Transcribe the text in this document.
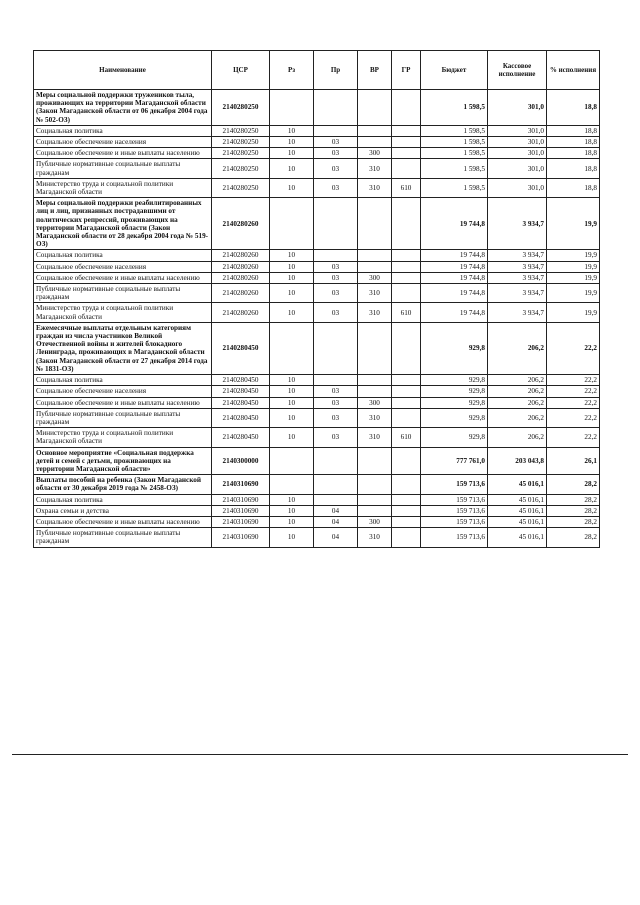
Наименование	ЦСР	Рз	Пр	ВР	ГР	Бюджет	Кассовое исполнение	% исполнения
Меры социальной поддержки тружеников тыла, проживающих на территории Магаданской области (Закон Магаданской области от 06 декабря 2004 года № 502-ОЗ)	2140280250					1 598,5	301,0	18,8
Социальная политика	2140280250	10				1 598,5	301,0	18,8
Социальное обеспечение населения	2140280250	10	03			1 598,5	301,0	18,8
Социальное обеспечение и иные выплаты населению	2140280250	10	03	300		1 598,5	301,0	18,8
Публичные нормативные социальные выплаты гражданам	2140280250	10	03	310		1 598,5	301,0	18,8
Министерство труда и социальной политики Магаданской области	2140280250	10	03	310	610	1 598,5	301,0	18,8
Меры социальной поддержки реабилитированных лиц и лиц, признанных пострадавшими от политических репрессий, проживающих на территории Магаданской области (Закон Магаданской области от 28 декабря 2004 года № 519-ОЗ)	2140280260					19 744,8	3 934,7	19,9
Социальная политика	2140280260	10				19 744,8	3 934,7	19,9
Социальное обеспечение населения	2140280260	10	03			19 744,8	3 934,7	19,9
Социальное обеспечение и иные выплаты населению	2140280260	10	03	300		19 744,8	3 934,7	19,9
Публичные нормативные социальные выплаты гражданам	2140280260	10	03	310		19 744,8	3 934,7	19,9
Министерство труда и социальной политики Магаданской области	2140280260	10	03	310	610	19 744,8	3 934,7	19,9
Ежемесячные выплаты отдельным категориям граждан из числа участников Великой Отечественной войны и жителей блокадного Ленинграда, проживающих в Магаданской области (Закон Магаданской области от 27 декабря 2014 года № 1831-ОЗ)	2140280450					929,8	206,2	22,2
Социальная политика	2140280450	10				929,8	206,2	22,2
Социальное обеспечение населения	2140280450	10	03			929,8	206,2	22,2
Социальное обеспечение и иные выплаты населению	2140280450	10	03	300		929,8	206,2	22,2
Публичные нормативные социальные выплаты гражданам	2140280450	10	03	310		929,8	206,2	22,2
Министерство труда и социальной политики Магаданской области	2140280450	10	03	310	610	929,8	206,2	22,2
Основное мероприятие «Социальная поддержка детей и семей с детьми, проживающих на территории Магаданской области»	2140300000					777 761,0	203 043,8	26,1
Выплаты пособий на ребенка (Закон Магаданской области от 30 декабря 2019 года № 2458-ОЗ)	2140310690					159 713,6	45 016,1	28,2
Социальная политика	2140310690	10				159 713,6	45 016,1	28,2
Охрана семьи и детства	2140310690	10	04			159 713,6	45 016,1	28,2
Социальное обеспечение и иные выплаты населению	2140310690	10	04	300		159 713,6	45 016,1	28,2
Публичные нормативные социальные выплаты гражданам	2140310690	10	04	310		159 713,6	45 016,1	28,2
